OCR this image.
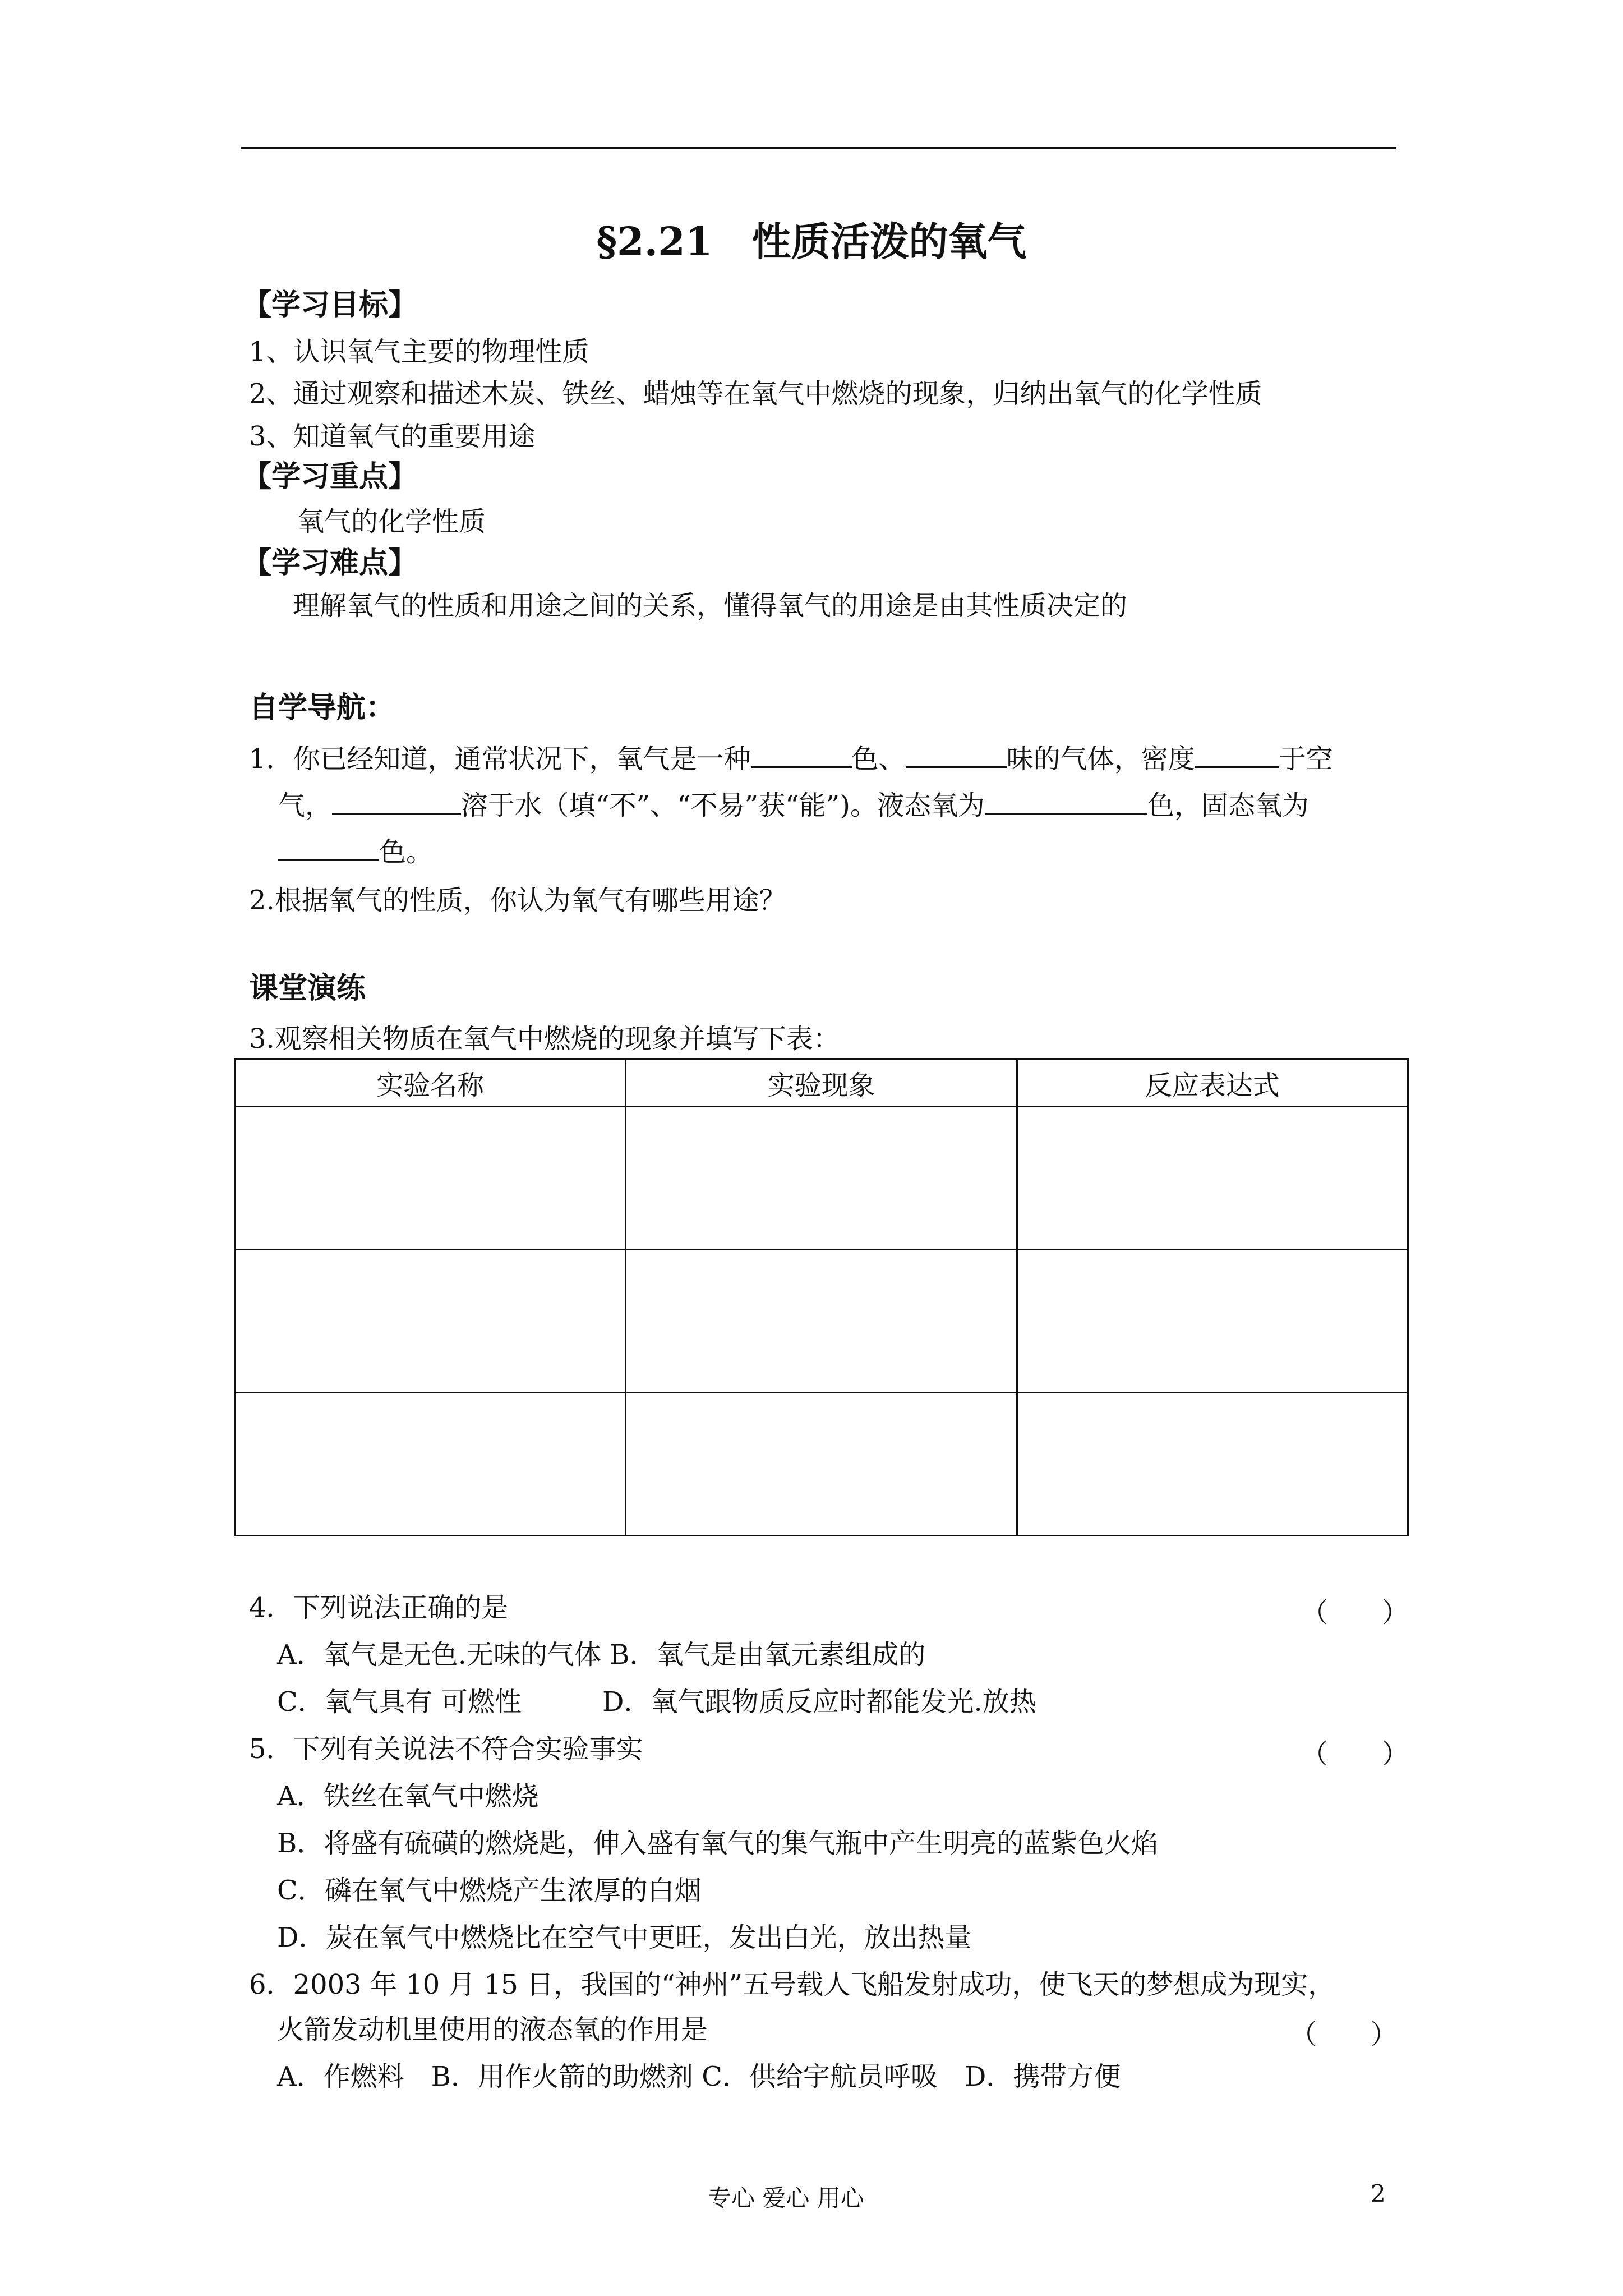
§2.21　性质活泼的氧气
【学习目标】
1、认识氧气主要的物理性质
2、通过观察和描述木炭、铁丝、蜡烛等在氧气中燃烧的现象，归纳出氧气的化学性质
3、知道氧气的重要用途
【学习重点】
氧气的化学性质
【学习难点】
理解氧气的性质和用途之间的关系，懂得氧气的用途是由其性质决定的
自学导航：
1．你已经知道，通常状况下，氧气是一种	色、	味的气体，密度	于空
气，	溶于水（填“不”、“不易”获“能”)。液态氧为	色，固态氧为
色。
2.根据氧气的性质，你认为氧气有哪些用途？
课堂演练
3.观察相关物质在氧气中燃烧的现象并填写下表：
实验名称	实验现象	反应表达式

4．下列说法正确的是	（　　）
A．氧气是无色.无味的气体 B．氧气是由氧元素组成的
C．氧气具有 可燃性　　　D．氧气跟物质反应时都能发光.放热
5．下列有关说法不符合实验事实	（　　）
A．铁丝在氧气中燃烧
B．将盛有硫磺的燃烧匙，伸入盛有氧气的集气瓶中产生明亮的蓝紫色火焰
C．磷在氧气中燃烧产生浓厚的白烟
D．炭在氧气中燃烧比在空气中更旺，发出白光，放出热量
6．2003 年 10 月 15 日，我国的“神州”五号载人飞船发射成功，使飞天的梦想成为现实，
火箭发动机里使用的液态氧的作用是	（　　）
A．作燃料　B．用作火箭的助燃剂 C．供给宇航员呼吸　D．携带方便
专心 爱心 用心	2
